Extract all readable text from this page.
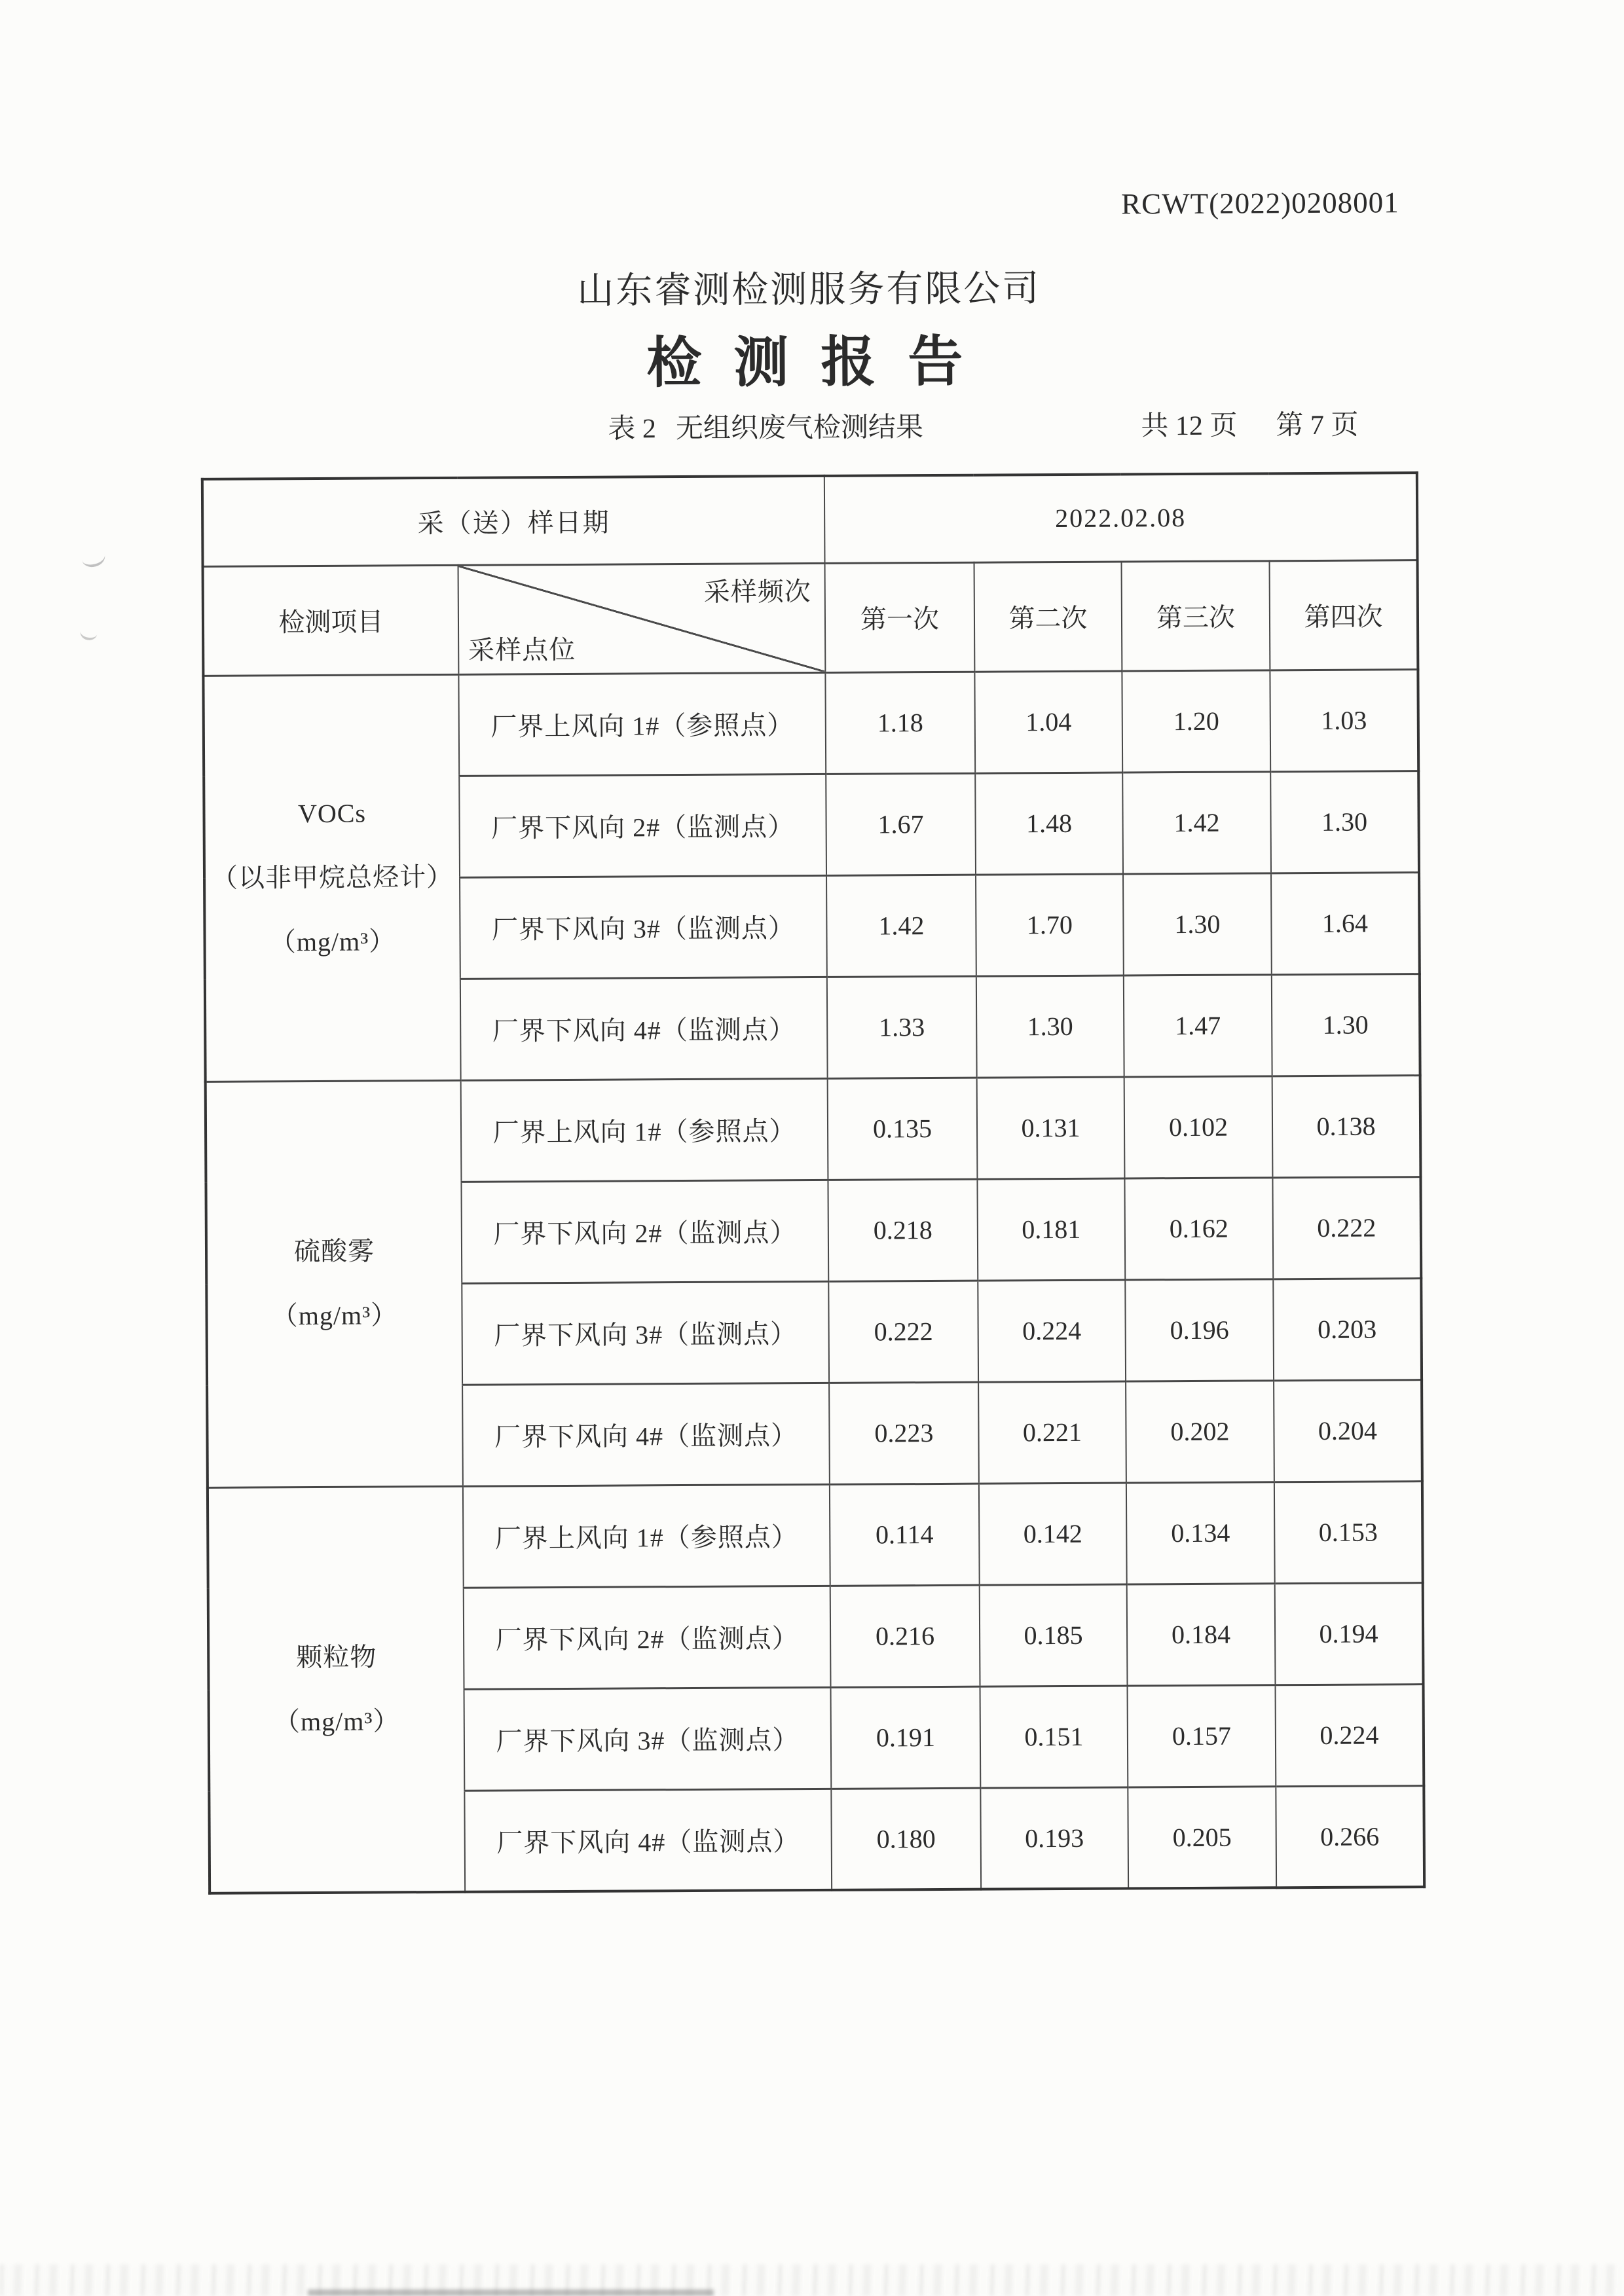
RCWT(2022)0208001
山东睿测检测服务有限公司
检 测 报 告
表 2 无组织废气检测结果	共 12 页 第 7 页
采（送）样日期		2022.02.08			
检测项目	采样频次
采样点位	第一次	第二次	第三次	第四次

VOCs
（以非甲烷总烃计）
（mg/m³）	厂界上风向 1#（参照点）	1.18	1.04	1.20	1.03
	厂界下风向 2#（监测点）	1.67	1.48	1.42	1.30
	厂界下风向 3#（监测点）	1.42	1.70	1.30	1.64
	厂界下风向 4#（监测点）	1.33	1.30	1.47	1.30

硫酸雾
（mg/m³）	厂界上风向 1#（参照点）	0.135	0.131	0.102	0.138
	厂界下风向 2#（监测点）	0.218	0.181	0.162	0.222
	厂界下风向 3#（监测点）	0.222	0.224	0.196	0.203
	厂界下风向 4#（监测点）	0.223	0.221	0.202	0.204

颗粒物
（mg/m³）	厂界上风向 1#（参照点）	0.114	0.142	0.134	0.153
	厂界下风向 2#（监测点）	0.216	0.185	0.184	0.194
	厂界下风向 3#（监测点）	0.191	0.151	0.157	0.224
	厂界下风向 4#（监测点）	0.180	0.193	0.205	0.266
